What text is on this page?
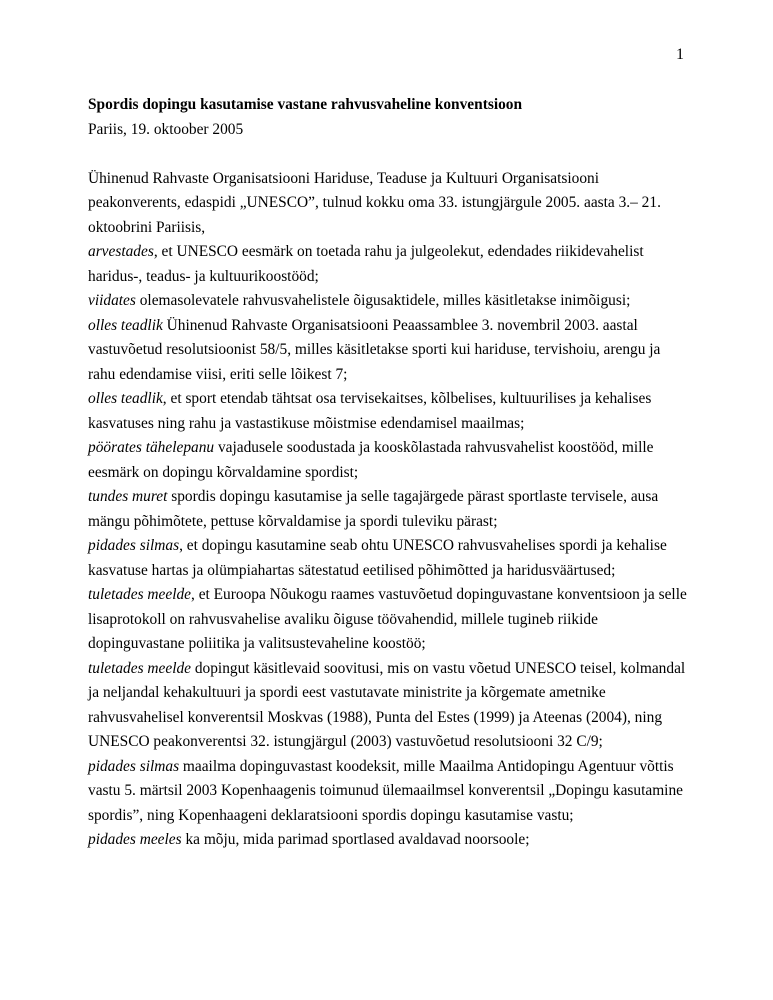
1

Spordis dopingu kasutamise vastane rahvusvaheline konventsioon

Pariis, 19. oktoober 2005

Ühinenud Rahvaste Organisatsiooni Hariduse, Teaduse ja Kultuuri Organisatsiooni peakonverents, edaspidi „UNESCO”, tulnud kokku oma 33. istungjärgule 2005. aasta 3.– 21. oktoobrini Pariisis,

arvestades, et UNESCO eesmärk on toetada rahu ja julgeolekut, edendades riikidevahelist haridus-, teadus- ja kultuurikoostööd;

viidates olemasolevatele rahvusvahelistele õigusaktidele, milles käsitletakse inimõigusi;

olles teadlik Ühinenud Rahvaste Organisatsiooni Peaassamblee 3. novembril 2003. aastal vastuvõetud resolutsioonist 58/5, milles käsitletakse sporti kui hariduse, tervishoiu, arengu ja rahu edendamise viisi, eriti selle lõikest 7;

olles teadlik, et sport etendab tähtsat osa tervisekaitses, kõlbelises, kultuurilises ja kehalises kasvatuses ning rahu ja vastastikuse mõistmise edendamisel maailmas;

pöörates tähelepanu vajadusele soodustada ja kooskõlastada rahvusvahelist koostööd, mille eesmärk on dopingu kõrvaldamine spordist;

tundes muret spordis dopingu kasutamise ja selle tagajärgede pärast sportlaste tervisele, ausa mängu põhimõtete, pettuse kõrvaldamise ja spordi tuleviku pärast;

pidades silmas, et dopingu kasutamine seab ohtu UNESCO rahvusvahelises spordi ja kehalise kasvatuse hartas ja olümpiahartas sätestatud eetilised põhimõtted ja haridusväärtused;

tuletades meelde, et Euroopa Nõukogu raames vastuvõetud dopinguvastane konventsioon ja selle lisaprotokoll on rahvusvahelise avaliku õiguse töövahendid, millele tugineb riikide dopinguvastane poliitika ja valitsustevaheline koostöö;

tuletades meelde dopingut käsitlevaid soovitusi, mis on vastu võetud UNESCO teisel, kolmandal ja neljandal kehakultuuri ja spordi eest vastutavate ministrite ja kõrgemate ametnike rahvusvahelisel konverentsil Moskvas (1988), Punta del Estes (1999) ja Ateenas (2004), ning UNESCO peakonverentsi 32. istungjärgul (2003) vastuvõetud resolutsiooni 32 C/9;

pidades silmas maailma dopinguvastast koodeksit, mille Maailma Antidopingu Agentuur võttis vastu 5. märtsil 2003 Kopenhaagenis toimunud ülemaailmsel konverentsil „Dopingu kasutamine spordis”, ning Kopenhaageni deklaratsiooni spordis dopingu kasutamise vastu;

pidades meeles ka mõju, mida parimad sportlased avaldavad noorsoole;
